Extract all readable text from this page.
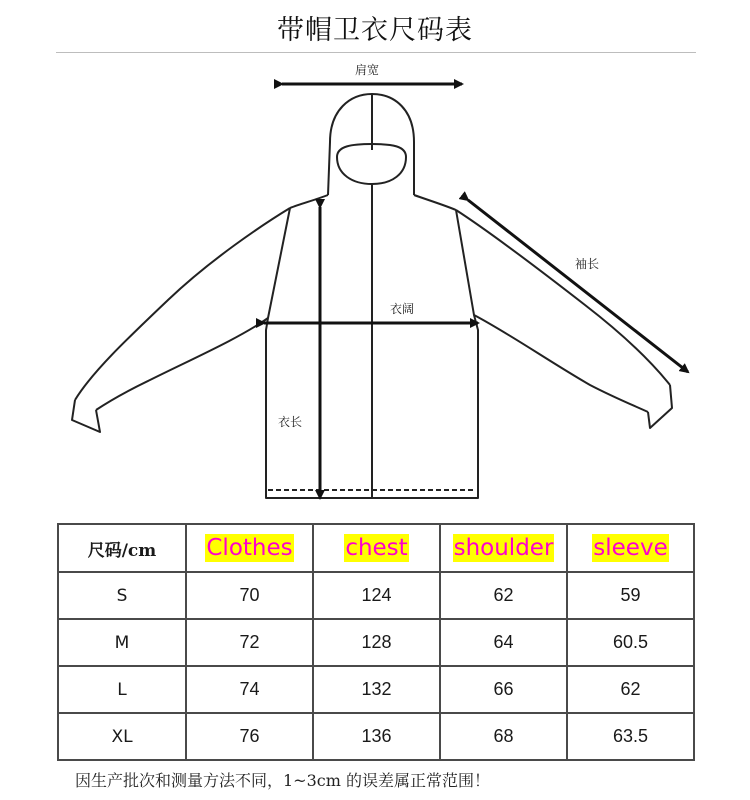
带帽卫衣尺码表
肩宽
袖长
衣阔
衣长
尺码/cm	Clothes	chest	shoulder	sleeve
S	70	124	62	59
M	72	128	64	60.5
L	74	132	66	62
XL	76	136	68	63.5
因生产批次和测量方法不同，1~3cm 的误差属正常范围！
